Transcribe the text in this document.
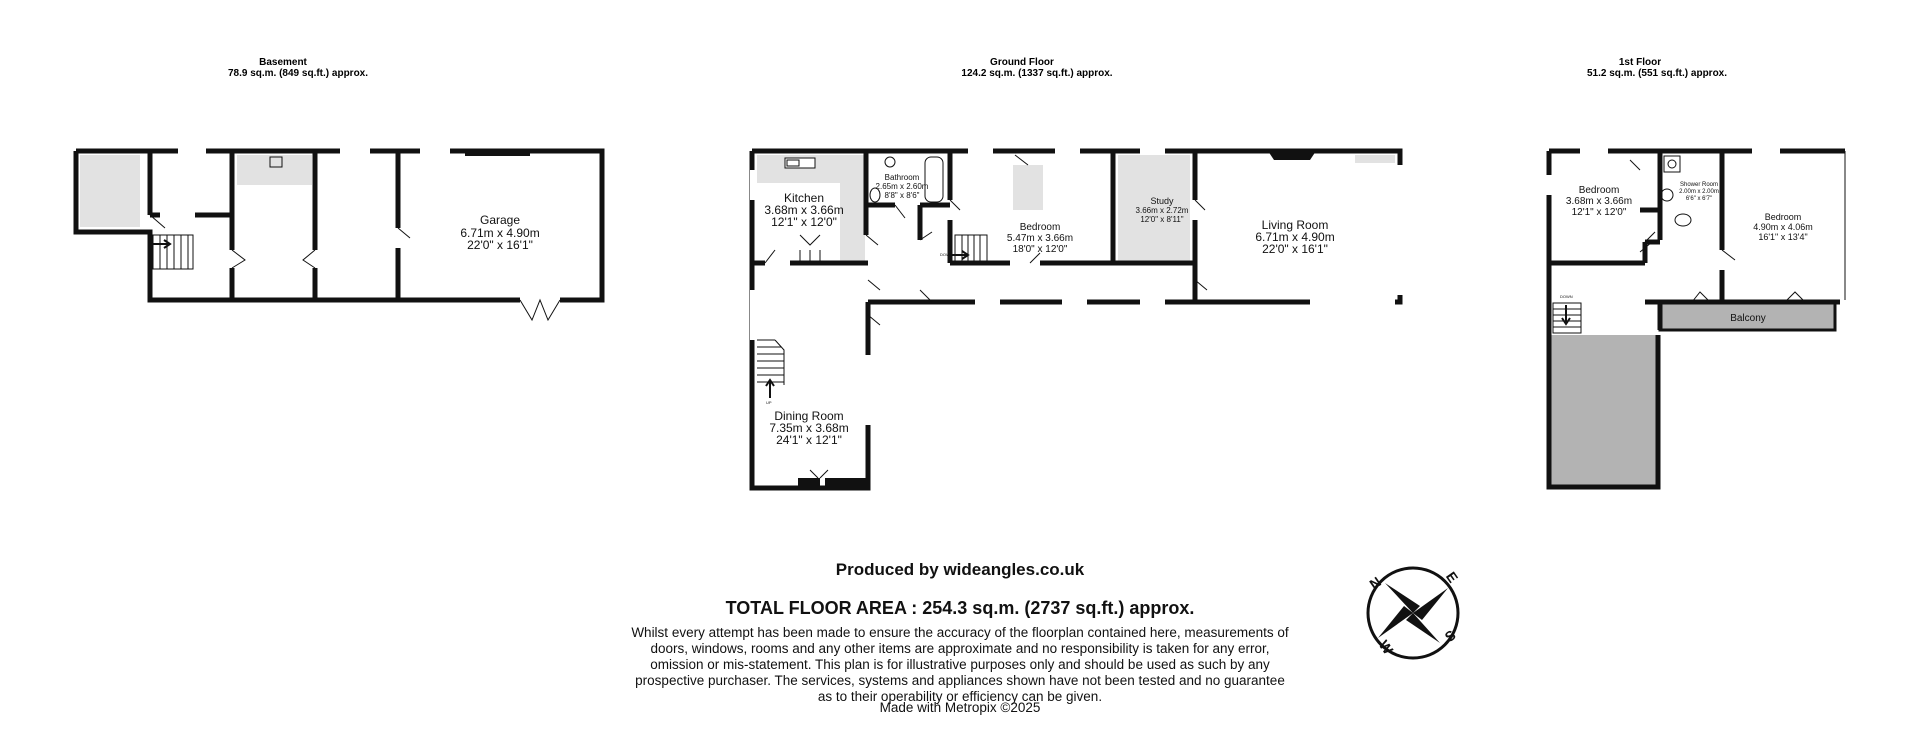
Basement
78.9 sq.m. (849 sq.ft.) approx.
Garage
6.71m x 4.90m
22'0" x 16'1"
Ground Floor
124.2 sq.m. (1337 sq.ft.) approx.
DOWN
UP
Kitchen
3.68m x 3.66m
12'1" x 12'0"
Bathroom
2.65m x 2.60m
8'8" x 8'6"
Bedroom
5.47m x 3.66m
18'0" x 12'0"
Study
3.66m x 2.72m
12'0" x 8'11"	Living Room
6.71m x 4.90m
22'0" x 16'1"
Dining Room
7.35m x 3.68m
24'1" x 12'1"
1st Floor
51.2 sq.m. (551 sq.ft.) approx.
DOWN
Bedroom
3.68m x 3.66m
12'1" x 12'0"
Shower Room
2.00m x 2.00m
6'6" x 6'7"
Bedroom
4.90m x 4.06m
16'1" x 13'4"
Balcony
N	E
S
W
Produced by wideangles.co.uk
TOTAL FLOOR AREA : 254.3 sq.m. (2737 sq.ft.) approx.
Whilst every attempt has been made to ensure the accuracy of the floorplan contained here, measurements of doors, windows, rooms and any other items are approximate and no responsibility is taken for any error, omission or mis-statement. This plan is for illustrative purposes only and should be used as such by any prospective purchaser. The services, systems and appliances shown have not been tested and no guarantee as to their operability or efficiency can be given.
Made with Metropix ©2025
